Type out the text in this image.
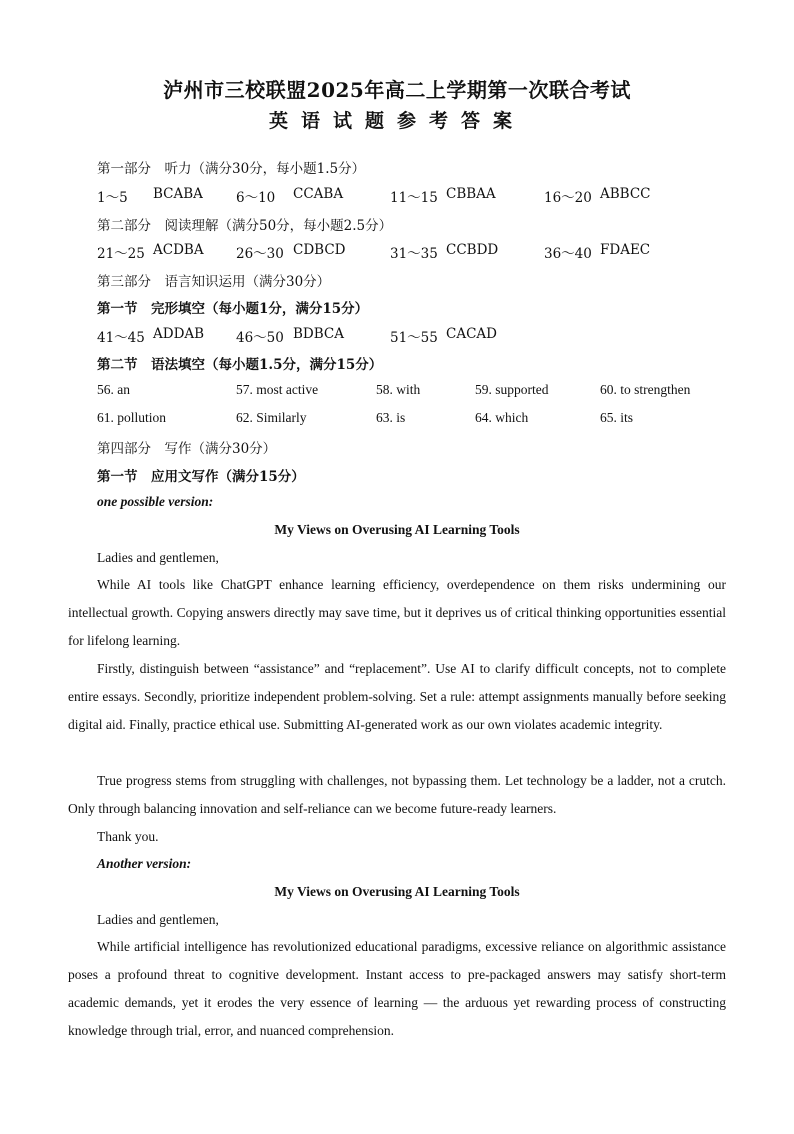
泸州市三校联盟2025年高二上学期第一次联合考试
英语试题参考答案
第一部分　听力（满分30分，每小题1.5分）
1～5 BCABA 6～10 CCABA	11～15 CBBAA	16～20 ABBCC
第二部分　阅读理解（满分50分，每小题2.5分）
21～25 ACDBA 26～30 CDBCD	31～35 CCBDD	36～40 FDAEC
第三部分　语言知识运用（满分30分）
第一节　完形填空（每小题1分，满分15分）
41～45 ADDAB 46～50 BDBCA	51～55 CACAD
第二节　语法填空（每小题1.5分，满分15分）
56. an	57. most active	58. with	59. supported	60. to strengthen
61. pollution	62. Similarly	63. is	64. which	65. its
第四部分　写作（满分30分）
第一节　应用文写作（满分15分）
one possible version:
My Views on Overusing AI Learning Tools
Ladies and gentlemen,
While AI tools like ChatGPT enhance learning efficiency, overdependence on them risks undermining our intellectual growth. Copying answers directly may save time, but it deprives us of critical thinking opportunities essential for lifelong learning.
Firstly, distinguish between “assistance” and “replacement”. Use AI to clarify difficult concepts, not to complete entire essays. Secondly, prioritize independent problem-solving. Set a rule: attempt assignments manually before seeking digital aid. Finally, practice ethical use. Submitting AI-generated work as our own violates academic integrity.
True progress stems from struggling with challenges, not bypassing them. Let technology be a ladder, not a crutch. Only through balancing innovation and self-reliance can we become future-ready learners.
Thank you.
Another version:
My Views on Overusing AI Learning Tools
Ladies and gentlemen,
While artificial intelligence has revolutionized educational paradigms, excessive reliance on algorithmic assistance poses a profound threat to cognitive development. Instant access to pre-packaged answers may satisfy short-term academic demands, yet it erodes the very essence of learning — the arduous yet rewarding process of constructing knowledge through trial, error, and nuanced comprehension.
